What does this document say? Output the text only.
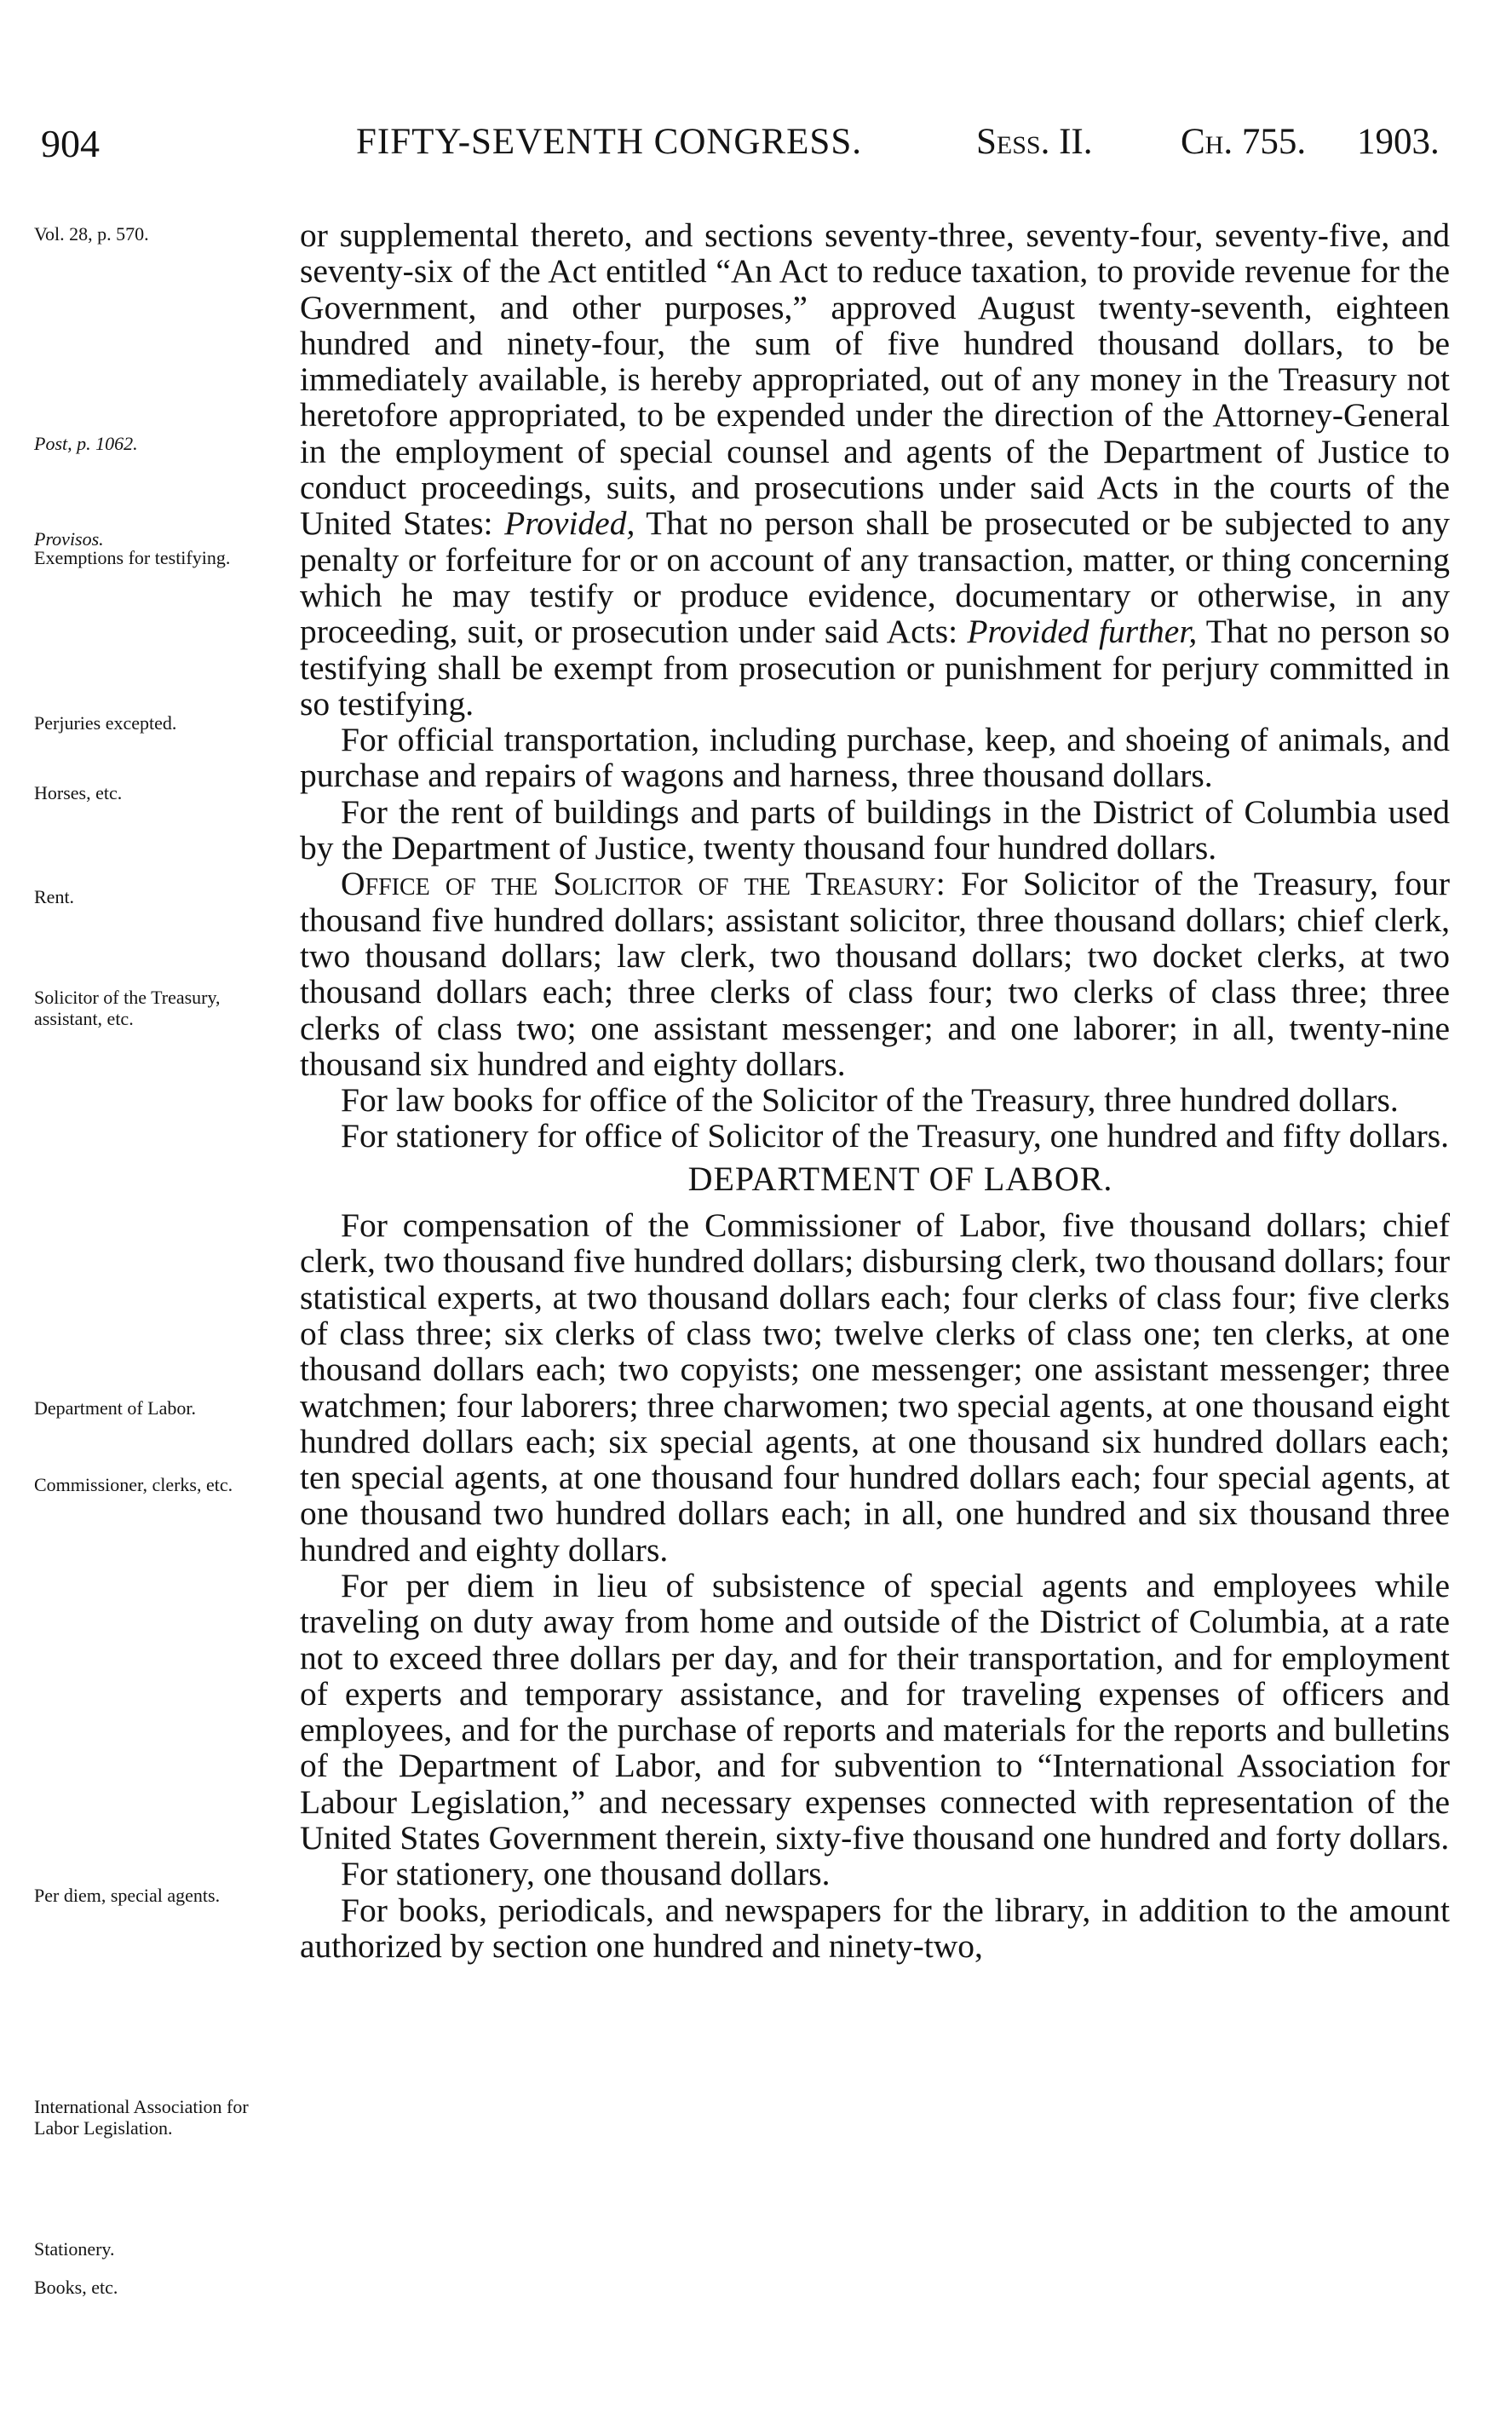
904	FIFTY-SEVENTH CONGRESS.	Sess. II. Ch. 755. 1903.
Vol. 28, p. 570.
Post, p. 1062.
Provisos.
Exemptions for testifying.
Perjuries excepted.
Horses, etc.
Rent.
Solicitor of the Treasury, assistant, etc.
Department of Labor.
Commissioner, clerks, etc.
Per diem, special agents.
International Association for Labor Legislation.
Stationery.
Books, etc.

or supplemental thereto, and sections seventy-three, seventy-four, seventy-five, and seventy-six of the Act entitled “An Act to reduce taxation, to provide revenue for the Government, and other purposes,” approved August twenty-seventh, eighteen hundred and ninety-four, the sum of five hundred thousand dollars, to be immediately available, is hereby appropriated, out of any money in the Treasury not heretofore appropriated, to be expended under the direction of the Attorney-General in the employment of special counsel and agents of the Department of Justice to conduct proceedings, suits, and prosecutions under said Acts in the courts of the United States: Provided, That no person shall be prosecuted or be subjected to any penalty or forfeiture for or on account of any transaction, matter, or thing concerning which he may testify or produce evidence, documentary or otherwise, in any proceeding, suit, or prosecution under said Acts: Provided further, That no person so testifying shall be exempt from prosecution or punishment for perjury committed in so testifying.

For official transportation, including purchase, keep, and shoeing of animals, and purchase and repairs of wagons and harness, three thousand dollars.

For the rent of buildings and parts of buildings in the District of Columbia used by the Department of Justice, twenty thousand four hundred dollars.

Office of the Solicitor of the Treasury: For Solicitor of the Treasury, four thousand five hundred dollars; assistant solicitor, three thousand dollars; chief clerk, two thousand dollars; law clerk, two thousand dollars; two docket clerks, at two thousand dollars each; three clerks of class four; two clerks of class three; three clerks of class two; one assistant messenger; and one laborer; in all, twenty-nine thousand six hundred and eighty dollars.

For law books for office of the Solicitor of the Treasury, three hundred dollars.

For stationery for office of Solicitor of the Treasury, one hundred and fifty dollars.

DEPARTMENT OF LABOR.

For compensation of the Commissioner of Labor, five thousand dollars; chief clerk, two thousand five hundred dollars; disbursing clerk, two thousand dollars; four statistical experts, at two thousand dollars each; four clerks of class four; five clerks of class three; six clerks of class two; twelve clerks of class one; ten clerks, at one thousand dollars each; two copyists; one messenger; one assistant messenger; three watchmen; four laborers; three charwomen; two special agents, at one thousand eight hundred dollars each; six special agents, at one thousand six hundred dollars each; ten special agents, at one thousand four hundred dollars each; four special agents, at one thousand two hundred dollars each; in all, one hundred and six thousand three hundred and eighty dollars.

For per diem in lieu of subsistence of special agents and employees while traveling on duty away from home and outside of the District of Columbia, at a rate not to exceed three dollars per day, and for their transportation, and for employment of experts and temporary assistance, and for traveling expenses of officers and employees, and for the purchase of reports and materials for the reports and bulletins of the Department of Labor, and for subvention to “International Association for Labour Legislation,” and necessary expenses connected with representation of the United States Government therein, sixty-five thousand one hundred and forty dollars.

For stationery, one thousand dollars.

For books, periodicals, and newspapers for the library, in addition to the amount authorized by section one hundred and ninety-two,
